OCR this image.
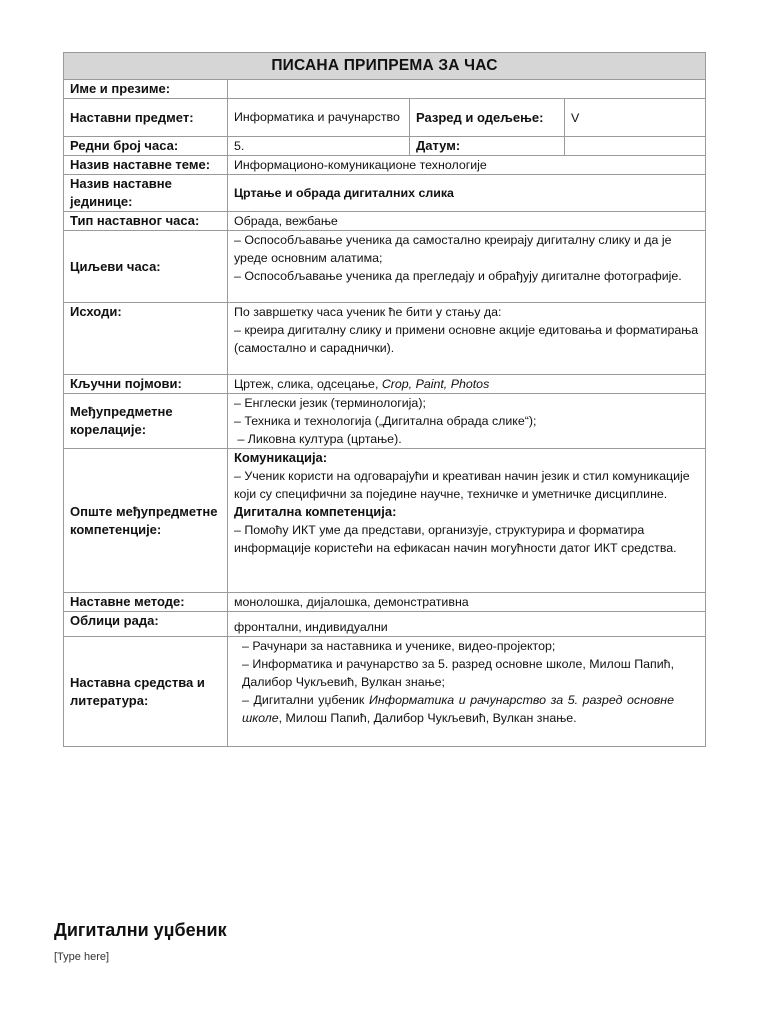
ПИСАНА ПРИПРЕМА ЗА ЧАС			
Име и презиме:			
Наставни предмет:	Информатика и рачунарство	Разред и одељење:	V
Редни број часа:	5.	Датум:	
Назив наставне теме:	Информационо-комуникационе технологије		
Назив наставне јединице:	Цртање и обрада дигиталних слика		
Тип наставног часа:	Обрада, вежбање		
Циљеви часа:	– Оспособљавање ученика да самостално креирају дигиталну слику и да је уреде основним алатима;
– Оспособљавање ученика да прегледају и обрађују дигиталне фотографије.		

Исходи:	По завршетку часа ученик ће бити у стању да:
– креира дигиталну слику и примени основне акције едитовања и форматирања (самостално и сараднички).		

Кључни појмови:	Цртеж, слика, одсецање, Crop, Paint, Photos		
Међупредметне корелације:	– Енглески језик (терминологија);
– Техника и технологија („Дигитална обрада слике“);
– Ликовна култура (цртање).		

Опште међупредметне компетенције:	Комуникација:
– Ученик користи на одговарајући и креативан начин језик и стил комуникације који су специфични за поједине научне, техничке и уметничке дисциплине.
Дигитална компетенција:
– Помоћу ИКТ уме да представи, организује, структурира и форматира информације користећи на ефикасан начин могућности датог ИКТ средства.		

Наставне методе:	монолошка, дијалошка, демонстративна		
Облици рада:	фронтални, индивидуални		
Наставна средства и литература:	– Рачунари за наставника и ученике, видео-пројектор;
– Информатика и рачунарство за 5. разред основне школе, Милош Папић, Далибор Чукљевић, Вулкан знање;
– Дигитални уџбеник Информатика и рачунарство за 5. разред основне школе, Милош Папић, Далибор Чукљевић, Вулкан знање.		
Дигитални уџбеник
[Type here]
